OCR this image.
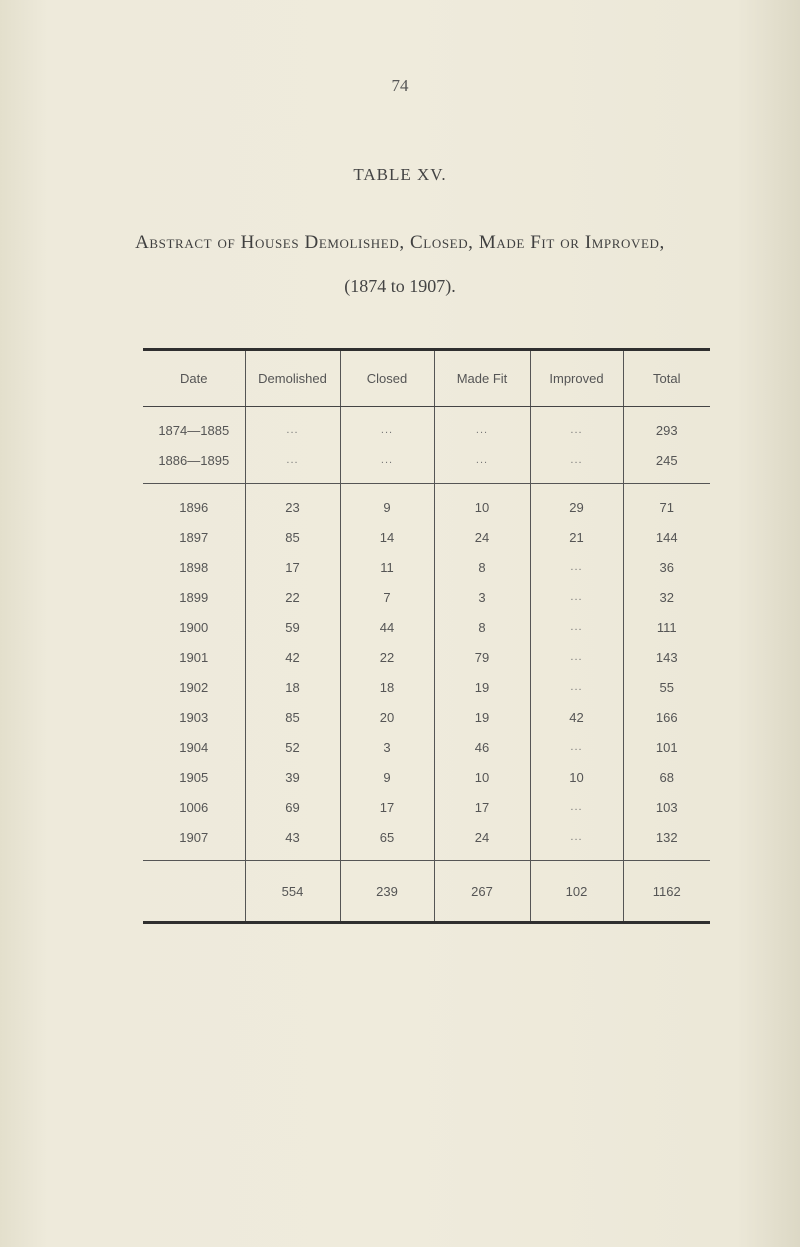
74
TABLE XV.
Abstract of Houses Demolished, Closed, Made Fit or Improved,
(1874 to 1907).
Date	Demolished	Closed	Made Fit	Improved	Total

1874—1885	...	...	...	...	293
1886—1895	...	...	...	...	245

1896	23	9	10	29	71
1897	85	14	24	21	144
1898	17	11	8	...	36
1899	22	7	3	...	32
1900	59	44	8	...	111
1901	42	22	79	...	143
1902	18	18	19	...	55
1903	85	20	19	42	166
1904	52	3	46	...	101
1905	39	9	10	10	68
1006	69	17	17	...	103
1907	43	65	24	...	132

	554	239	267	102	1162
